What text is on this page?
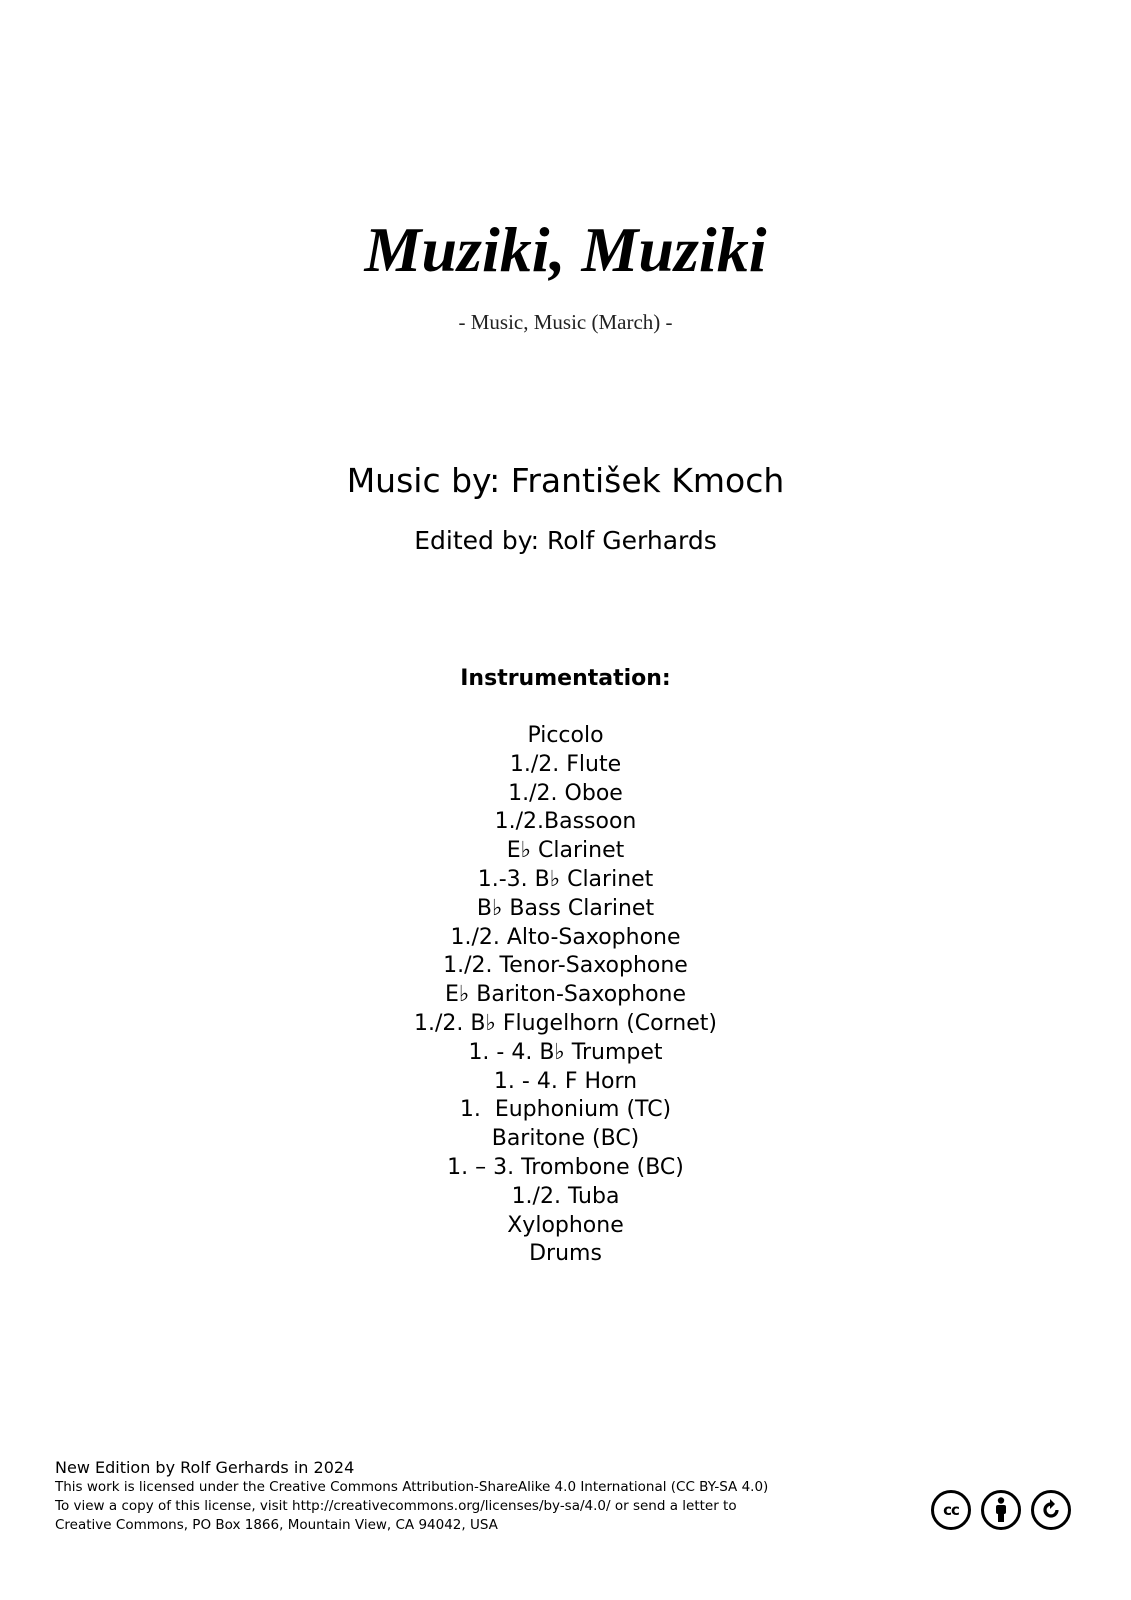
Muziki, Muziki
- Music, Music (March) -
Music by: František Kmoch
Edited by: Rolf Gerhards
Instrumentation:
Piccolo
1./2. Flute
1./2. Oboe
1./2.Bassoon
E♭ Clarinet
1.-3. B♭ Clarinet
B♭ Bass Clarinet
1./2. Alto-Saxophone
1./2. Tenor-Saxophone
E♭ Bariton-Saxophone
1./2. B♭ Flugelhorn (Cornet)
1. - 4. B♭ Trumpet
1. - 4. F Horn
1.  Euphonium (TC)
Baritone (BC)
1. – 3. Trombone (BC)
1./2. Tuba
Xylophone
Drums
New Edition by Rolf Gerhards in 2024
This work is licensed under the Creative Commons Attribution-ShareAlike 4.0 International (CC BY-SA 4.0)
To view a copy of this license, visit http://creativecommons.org/licenses/by-sa/4.0/ or send a letter to
Creative Commons, PO Box 1866, Mountain View, CA 94042, USA
cc
